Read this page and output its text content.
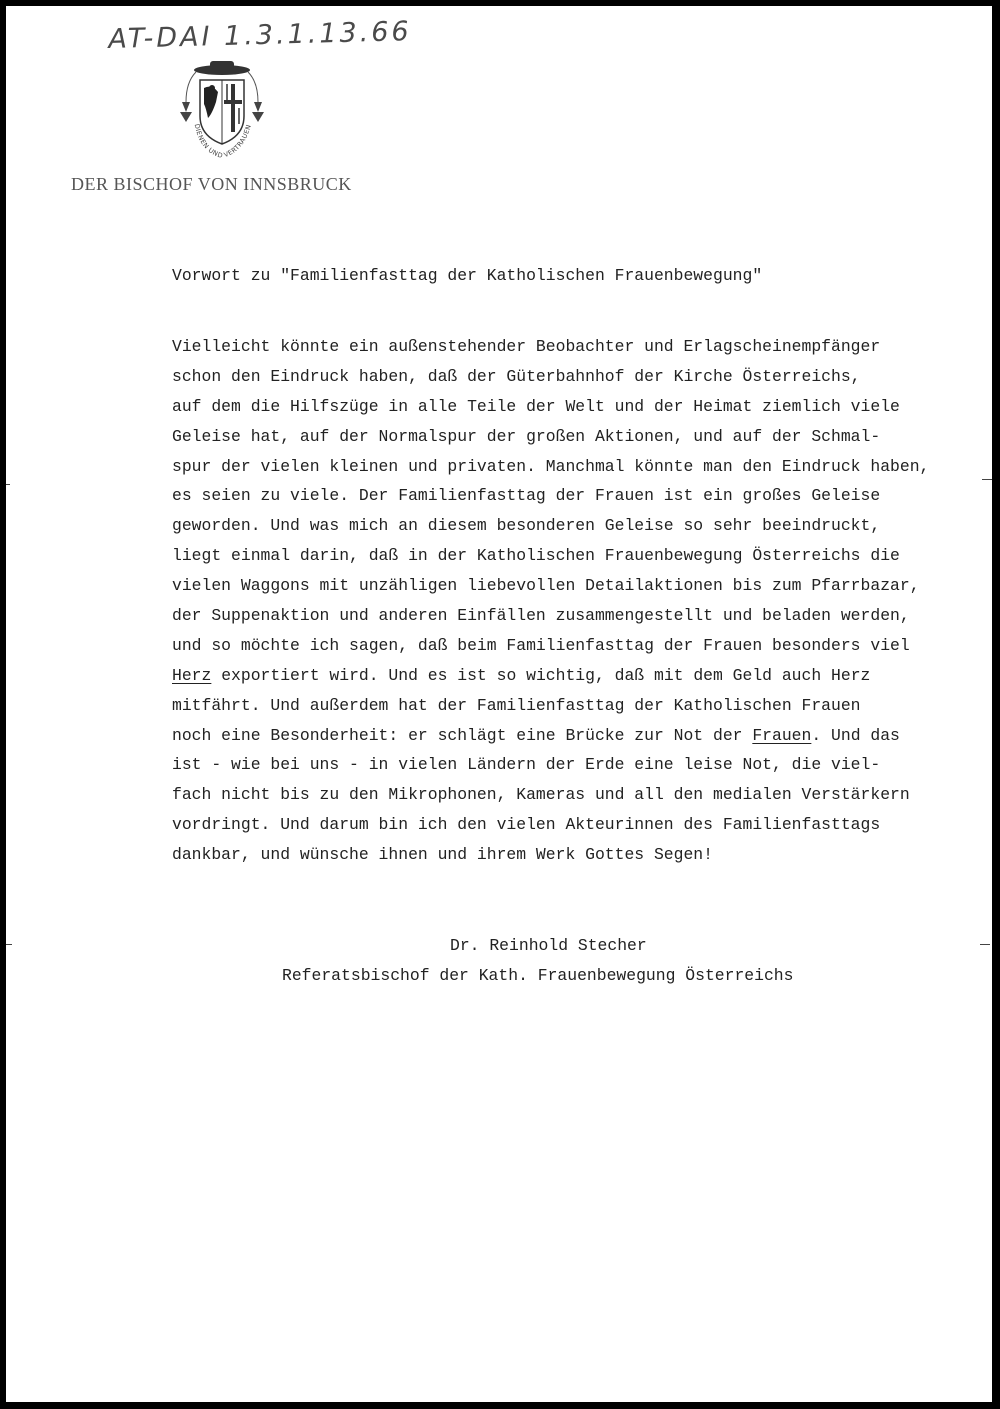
AT-DAI 1.3.1.13.66
DIENEN UND VERTRAUEN
DER BISCHOF VON INNSBRUCK
Vorwort zu "Familienfasttag der Katholischen Frauenbewegung"
Vielleicht könnte ein außenstehender Beobachter und Erlagscheinempfänger
schon den Eindruck haben, daß der Güterbahnhof der Kirche Österreichs,
auf dem die Hilfszüge in alle Teile der Welt und der Heimat ziemlich viele
Geleise hat, auf der Normalspur der großen Aktionen, und auf der Schmal-
spur der vielen kleinen und privaten. Manchmal könnte man den Eindruck haben,
es seien zu viele. Der Familienfasttag der Frauen ist ein großes Geleise
geworden. Und was mich an diesem besonderen Geleise so sehr beeindruckt,
liegt einmal darin, daß in der Katholischen Frauenbewegung Österreichs die
vielen Waggons mit unzähligen liebevollen Detailaktionen bis zum Pfarrbazar,
der Suppenaktion und anderen Einfällen zusammengestellt und beladen werden,
und so möchte ich sagen, daß beim Familienfasttag der Frauen besonders viel
Herz exportiert wird. Und es ist so wichtig, daß mit dem Geld auch Herz
mitfährt. Und außerdem hat der Familienfasttag der Katholischen Frauen
noch eine Besonderheit: er schlägt eine Brücke zur Not der Frauen. Und das
ist - wie bei uns - in vielen Ländern der Erde eine leise Not, die viel-
fach nicht bis zu den Mikrophonen, Kameras und all den medialen Verstärkern
vordringt. Und darum bin ich den vielen Akteurinnen des Familienfasttags
dankbar, und wünsche ihnen und ihrem Werk Gottes Segen!
Dr. Reinhold Stecher
Referatsbischof der Kath. Frauenbewegung Österreichs
